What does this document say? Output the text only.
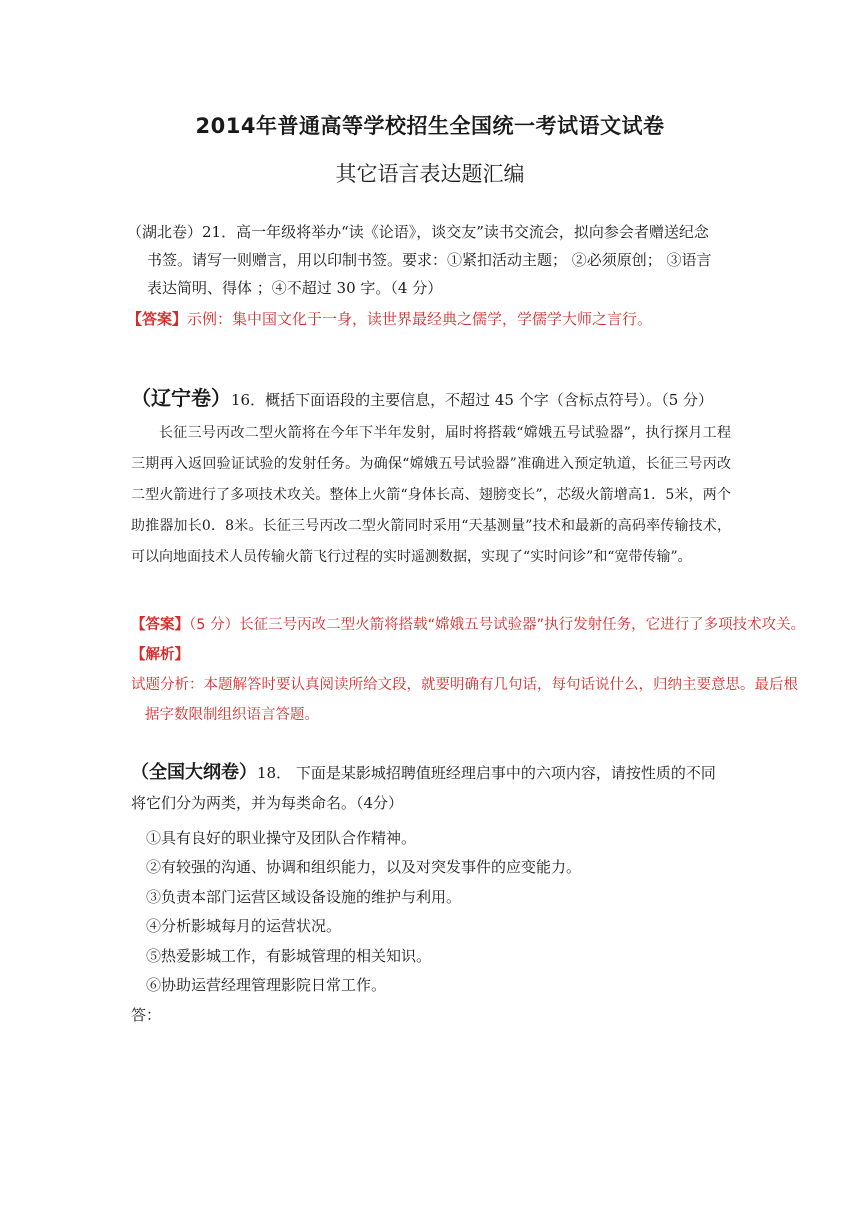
2014年普通高等学校招生全国统一考试语文试卷
其它语言表达题汇编
（湖北卷）21．高一年级将举办“读《论语》，谈交友”读书交流会，拟向参会者赠送纪念
书签。请写一则赠言，用以印制书签。要求：①紧扣活动主题； ②必须原创； ③语言
表达简明、得体 ；④不超过 30 字。（4 分）
【答案】示例：集中国文化于一身，读世界最经典之儒学，学儒学大师之言行。
（辽宁卷）16．概括下面语段的主要信息，不超过 45 个字（含标点符号）。（5 分）

长征三号丙改二型火箭将在今年下半年发射，届时将搭载“嫦娥五号试验器”，执行探月工程三期再入返回验证试验的发射任务。为确保“嫦娥五号试验器”准确进入预定轨道，长征三号丙改二型火箭进行了多项技术攻关。整体上火箭“身体长高、翅膀变长”，芯级火箭增高1．5米，两个助推器加长0．8米。长征三号丙改二型火箭同时采用“天基测量”技术和最新的高码率传输技术，可以向地面技术人员传输火箭飞行过程的实时遥测数据，实现了“实时问诊”和“宽带传输”。

【答案】（5 分）长征三号丙改二型火箭将搭载“嫦娥五号试验器”执行发射任务，它进行了多项技术攻关。
【解析】
试题分析：本题解答时要认真阅读所给文段，就要明确有几句话，每句话说什么，归纳主要意思。最后根
据字数限制组织语言答题。
（全国大纲卷）18． 下面是某影城招聘值班经理启事中的六项内容，请按性质的不同
将它们分为两类，并为每类命名。（4分）
①具有良好的职业操守及团队合作精神。
②有较强的沟通、协调和组织能力，以及对突发事件的应变能力。
③负责本部门运营区域设备设施的维护与利用。
④分析影城每月的运营状况。
⑤热爱影城工作，有影城管理的相关知识。
⑥协助运营经理管理影院日常工作。
答：
